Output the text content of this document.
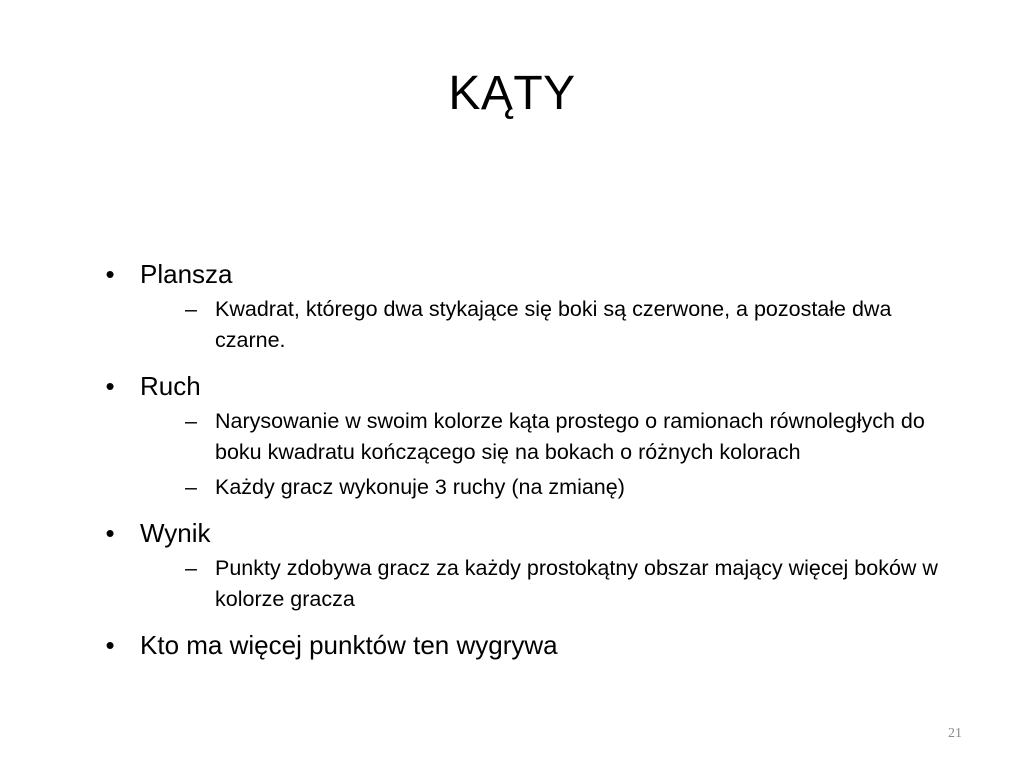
KĄTY
• Plansza
– Kwadrat, którego dwa stykające się boki są czerwone, a pozostałe dwa czarne.
• Ruch
– Narysowanie w swoim kolorze kąta prostego o ramionach równoległych do boku kwadratu kończącego się na bokach o różnych kolorach
– Każdy gracz wykonuje 3 ruchy (na zmianę)
• Wynik
– Punkty zdobywa gracz za każdy prostokątny obszar mający więcej boków w kolorze gracza
• Kto ma więcej punktów ten wygrywa
21
